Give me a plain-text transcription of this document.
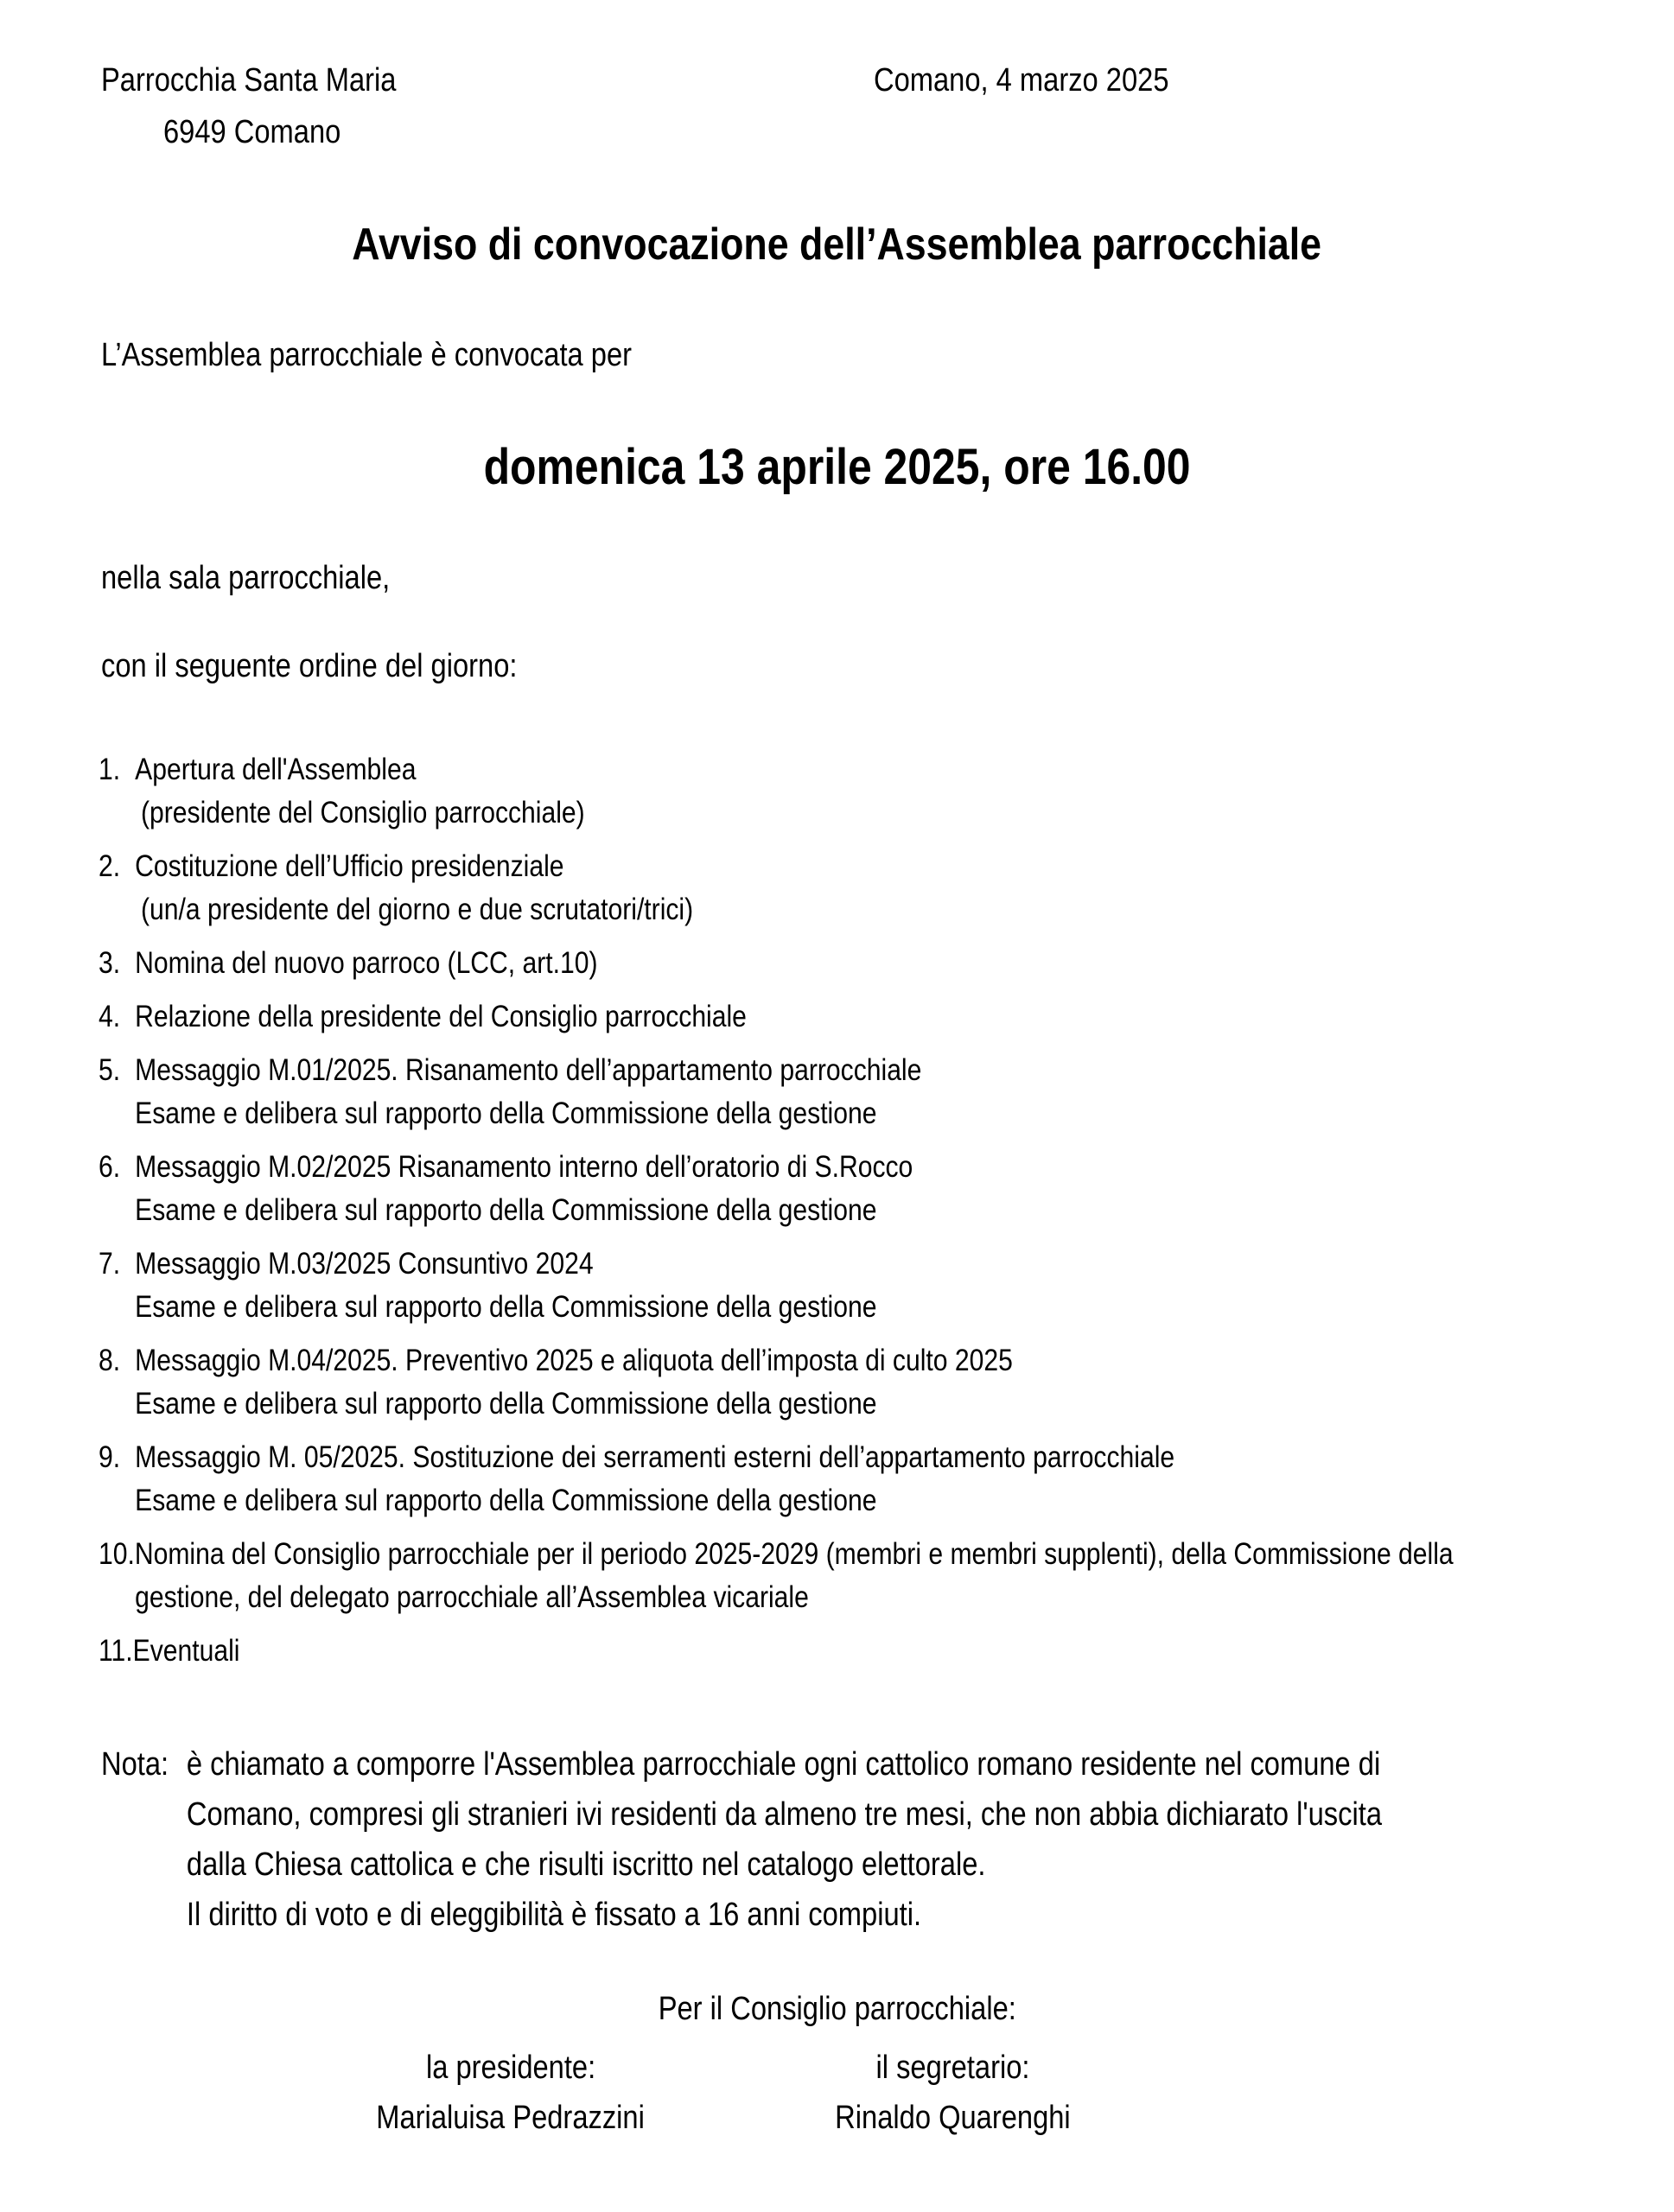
Parrocchia Santa Maria
6949 Comano
Comano, 4 marzo 2025
Avviso di convocazione dell’Assemblea parrocchiale
L’Assemblea parrocchiale è convocata per
domenica 13 aprile 2025, ore 16.00
nella sala parrocchiale,
con il seguente ordine del giorno:
1. Apertura dell'Assemblea
(presidente del Consiglio parrocchiale)
2. Costituzione dell’Ufficio presidenziale
(un/a presidente del giorno e due scrutatori/trici)
3. Nomina del nuovo parroco (LCC, art.10)
4. Relazione della presidente del Consiglio parrocchiale
5. Messaggio M.01/2025. Risanamento dell’appartamento parrocchiale
Esame e delibera sul rapporto della Commissione della gestione
6. Messaggio M.02/2025 Risanamento interno dell’oratorio di S.Rocco
Esame e delibera sul rapporto della Commissione della gestione
7. Messaggio M.03/2025 Consuntivo 2024
Esame e delibera sul rapporto della Commissione della gestione
8. Messaggio M.04/2025. Preventivo 2025 e aliquota dell’imposta di culto 2025
Esame e delibera sul rapporto della Commissione della gestione
9. Messaggio M. 05/2025. Sostituzione dei serramenti esterni dell’appartamento parrocchiale
Esame e delibera sul rapporto della Commissione della gestione
10.Nomina del Consiglio parrocchiale per il periodo 2025-2029 (membri e membri supplenti), della Commissione della
gestione, del delegato parrocchiale all’Assemblea vicariale
11.Eventuali
Nota: è chiamato a comporre l'Assemblea parrocchiale ogni cattolico romano residente nel comune di
Comano, compresi gli stranieri ivi residenti da almeno tre mesi, che non abbia dichiarato l'uscita
dalla Chiesa cattolica e che risulti iscritto nel catalogo elettorale.
Il diritto di voto e di eleggibilità è fissato a 16 anni compiuti.
Per il Consiglio parrocchiale:
la presidente:
Marialuisa Pedrazzini
il segretario:
Rinaldo Quarenghi
